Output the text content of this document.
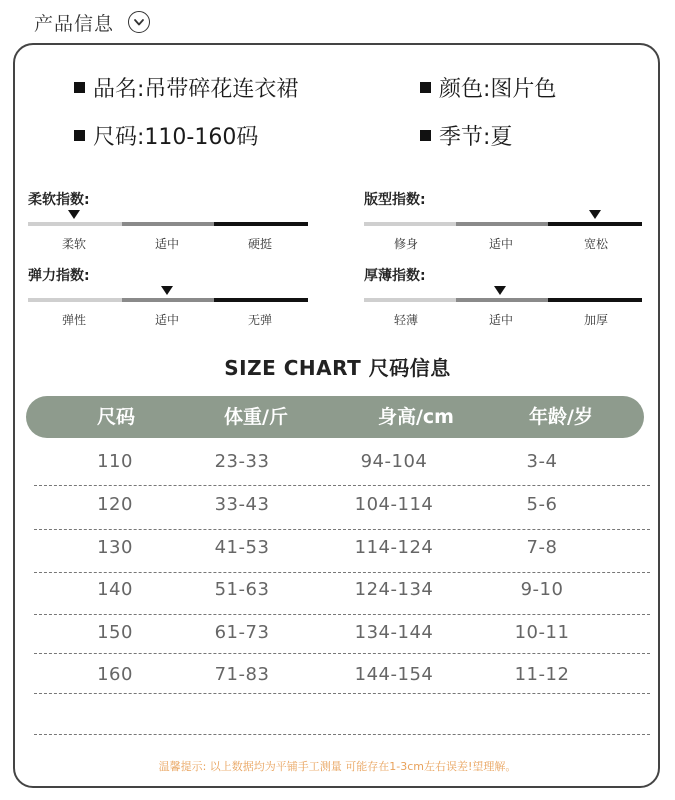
产品信息
品名:吊带碎花连衣裙	颜色:图片色
尺码:110-160码	季节:夏
柔软指数:
柔软	适中	硬挺
版型指数:
修身	适中	宽松
弹力指数:
弹性	适中	无弹
厚薄指数:
轻薄	适中	加厚
SIZE CHART 尺码信息
尺码	体重/斤	身高/cm	年龄/岁
110	23-33	94-104	3-4
120	33-43	104-114	5-6
130	41-53	114-124	7-8
140	51-63	124-134	9-10
150	61-73	134-144	10-11
160	71-83	144-154	11-12
温馨提示: 以上数据均为平铺手工测量 可能存在1-3cm左右误差!望理解。
